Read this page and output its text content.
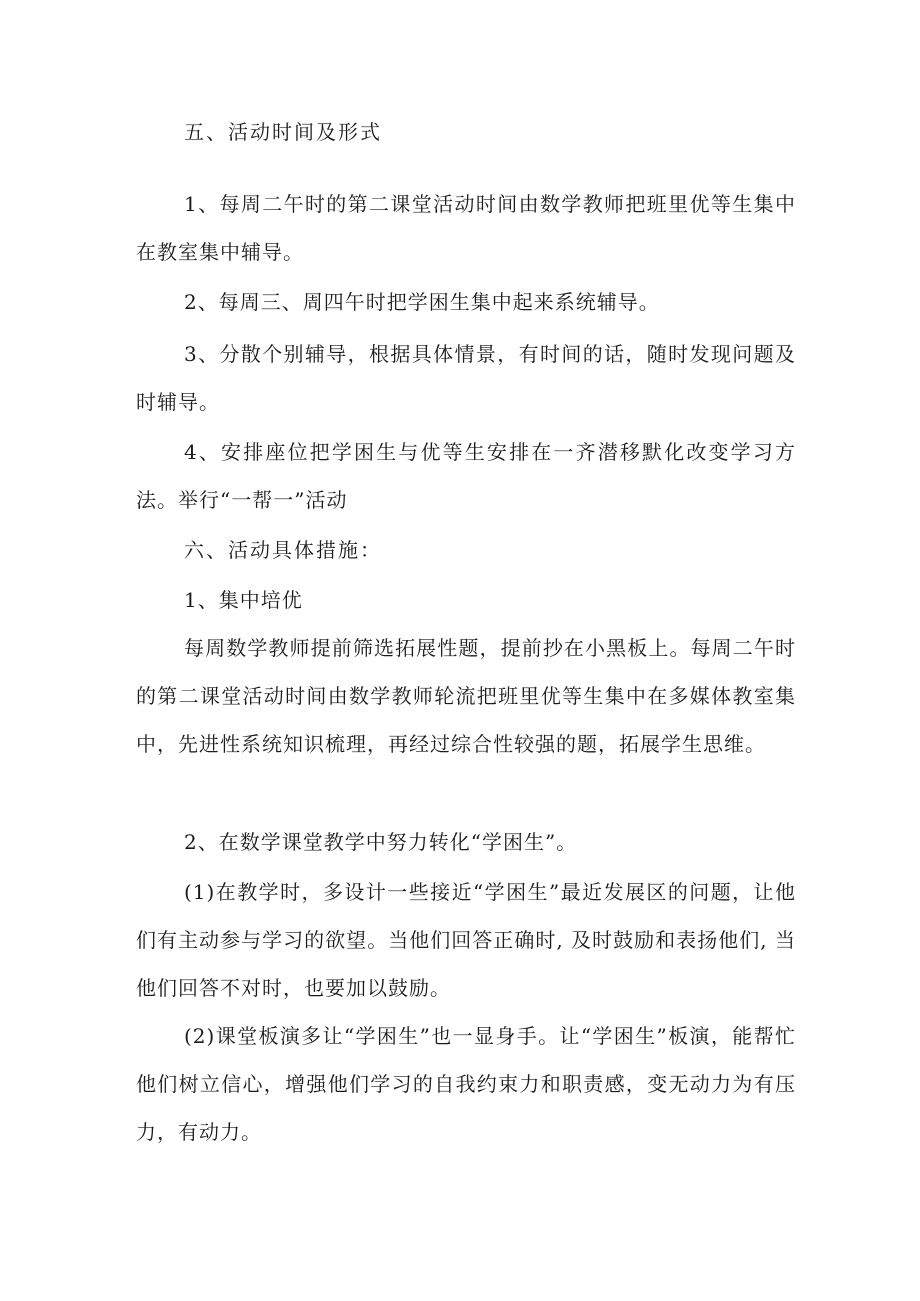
五、活动时间及形式

1、每周二午时的第二课堂活动时间由数学教师把班里优等生集中在教室集中辅导。

2、每周三、周四午时把学困生集中起来系统辅导。

3、分散个别辅导，根据具体情景，有时间的话，随时发现问题及时辅导。

4、安排座位把学困生与优等生安排在一齐潜移默化改变学习方法。举行“一帮一”活动

六、活动具体措施：

1、集中培优

每周数学教师提前筛选拓展性题，提前抄在小黑板上。每周二午时的第二课堂活动时间由数学教师轮流把班里优等生集中在多媒体教室集中，先进性系统知识梳理，再经过综合性较强的题，拓展学生思维。

2、在数学课堂教学中努力转化“学困生”。

(1)在教学时，多设计一些接近“学困生”最近发展区的问题，让他们有主动参与学习的欲望。当他们回答正确时, 及时鼓励和表扬他们, 当他们回答不对时，也要加以鼓励。

(2)课堂板演多让“学困生”也一显身手。让“学困生”板演，能帮忙他们树立信心，增强他们学习的自我约束力和职责感，变无动力为有压力，有动力。
